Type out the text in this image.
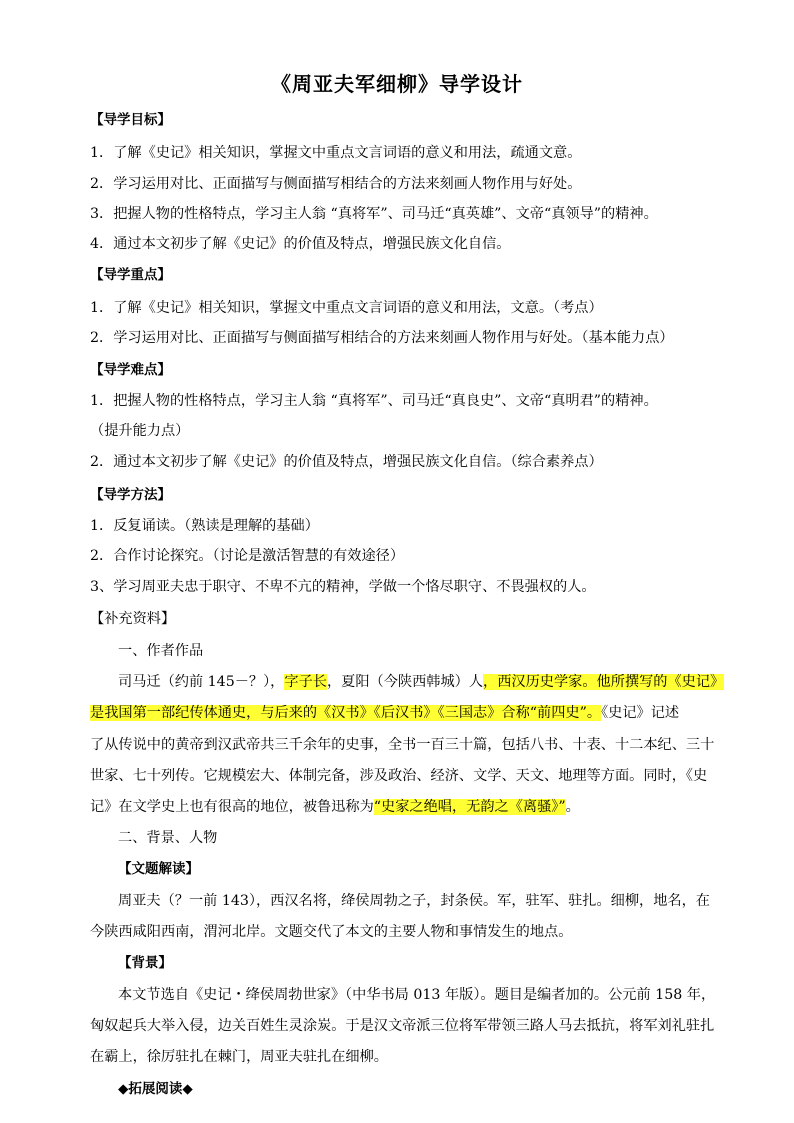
《周亚夫军细柳》导学设计
【导学目标】
1．了解《史记》相关知识，掌握文中重点文言词语的意义和用法，疏通文意。
2．学习运用对比、正面描写与侧面描写相结合的方法来刻画人物作用与好处。
3．把握人物的性格特点，学习主人翁 “真将军”、司马迁“真英雄”、文帝“真领导”的精神。
4．通过本文初步了解《史记》的价值及特点，增强民族文化自信。
【导学重点】
1．了解《史记》相关知识，掌握文中重点文言词语的意义和用法，文意。（考点）
2．学习运用对比、正面描写与侧面描写相结合的方法来刻画人物作用与好处。（基本能力点）
【导学难点】
1．把握人物的性格特点，学习主人翁 “真将军”、司马迁“真良史”、文帝“真明君”的精神。
（提升能力点）
2．通过本文初步了解《史记》的价值及特点，增强民族文化自信。（综合素养点）
【导学方法】
1．反复诵读。（熟读是理解的基础）
2．合作讨论探究。（讨论是激活智慧的有效途径）
3、学习周亚夫忠于职守、不卑不亢的精神，学做一个恪尽职守、不畏强权的人。
【补充资料】
一、作者作品
司马迁（约前 145－？），字子长，夏阳（今陕西韩城）人，西汉历史学家。他所撰写的《史记》
是我国第一部纪传体通史，与后来的《汉书》《后汉书》《三国志》合称“前四史”。《史记》记述
了从传说中的黄帝到汉武帝共三千余年的史事，全书一百三十篇，包括八书、十表、十二本纪、三十
世家、七十列传。它规模宏大、体制完备，涉及政治、经济、文学、天文、地理等方面。同时，《史
记》在文学史上也有很高的地位，被鲁迅称为“史家之绝唱，无韵之《离骚》”。
二、背景、人物
【文题解读】
周亚夫（？一前 143），西汉名将，绛侯周勃之子，封条侯。军，驻军、驻扎。细柳，地名，在
今陕西咸阳西南，渭河北岸。文题交代了本文的主要人物和事情发生的地点。
【背景】
本文节选自《史记・绛侯周勃世家》（中华书局 013 年版）。题目是编者加的。公元前 158 年，
匈奴起兵大举入侵，边关百姓生灵涂炭。于是汉文帝派三位将军带领三路人马去抵抗，将军刘礼驻扎
在霸上，徐厉驻扎在棘门，周亚夫驻扎在细柳。
◆拓展阅读◆
